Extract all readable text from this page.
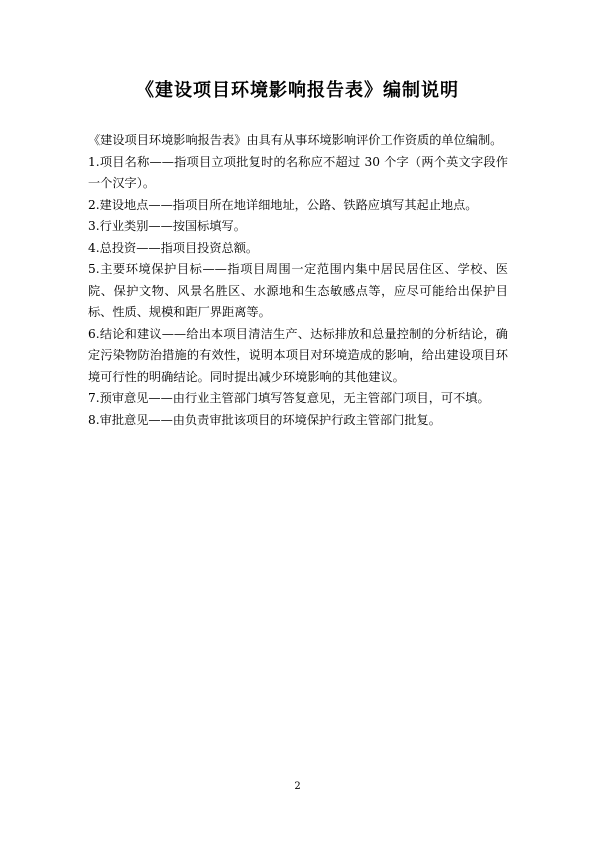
《建设项目环境影响报告表》编制说明

《建设项目环境影响报告表》由具有从事环境影响评价工作资质的单位编制。

1.项目名称——指项目立项批复时的名称应不超过 30 个字（两个英文字段作一个汉字）。

2.建设地点——指项目所在地详细地址，公路、铁路应填写其起止地点。

3.行业类别——按国标填写。

4.总投资——指项目投资总额。

5.主要环境保护目标——指项目周围一定范围内集中居民居住区、学校、医院、保护文物、风景名胜区、水源地和生态敏感点等，应尽可能给出保护目标、性质、规模和距厂界距离等。

6.结论和建议——给出本项目清洁生产、达标排放和总量控制的分析结论，确定污染物防治措施的有效性，说明本项目对环境造成的影响，给出建设项目环境可行性的明确结论。同时提出减少环境影响的其他建议。

7.预审意见——由行业主管部门填写答复意见，无主管部门项目，可不填。

8.审批意见——由负责审批该项目的环境保护行政主管部门批复。

2
